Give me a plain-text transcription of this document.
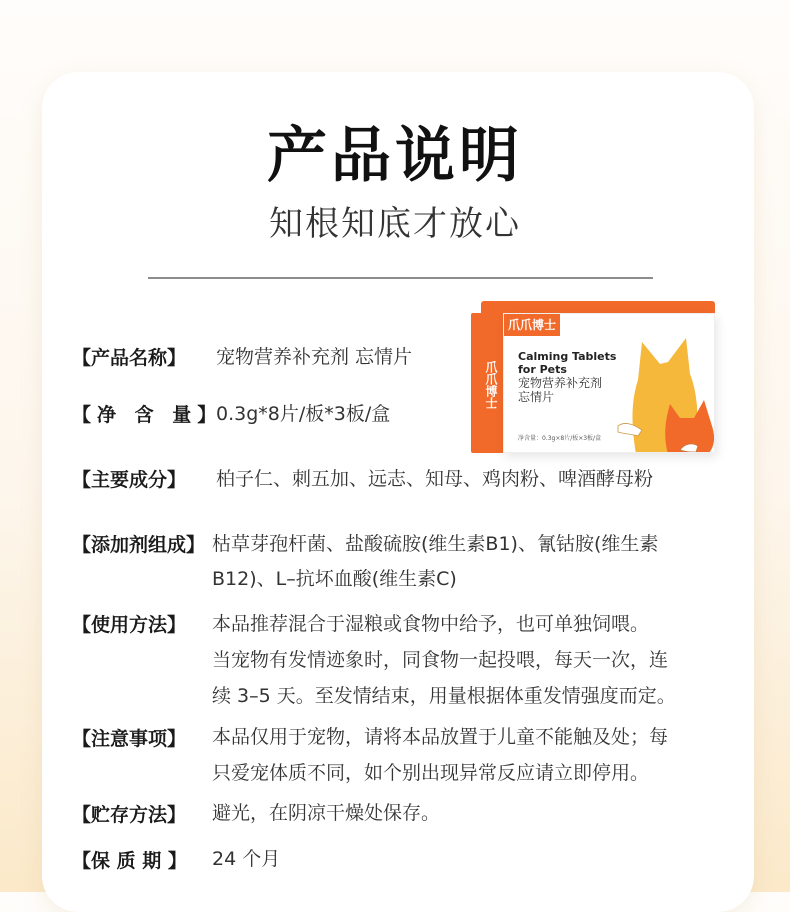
产品说明
知根知底才放心
爪爪博士
爪爪博士
Calming Tablets
for Pets
宠物营养补充剂
忘情片
净含量：0.3g×8片/板×3板/盒
【产品名称】 宠物营养补充剂 忘情片
【净 含 量】
0.3g*8片/板*3板/盒
【主要成分】 柏子仁、刺五加、远志、知母、鸡肉粉、啤酒酵母粉
【添加剂组成】 枯草芽孢杆菌、盐酸硫胺(维生素B1)、氰钴胺(维生素
B12)、L–抗坏血酸(维生素C)
【使用方法】 本品推荐混合于湿粮或食物中给予，也可单独饲喂。
当宠物有发情迹象时，同食物一起投喂，每天一次，连
续 3–5 天。至发情结束，用量根据体重发情强度而定。
【注意事项】 本品仅用于宠物，请将本品放置于儿童不能触及处；每
只爱宠体质不同，如个别出现异常反应请立即停用。
【贮存方法】 避光，在阴凉干燥处保存。
【保 质 期 】 24 个月
